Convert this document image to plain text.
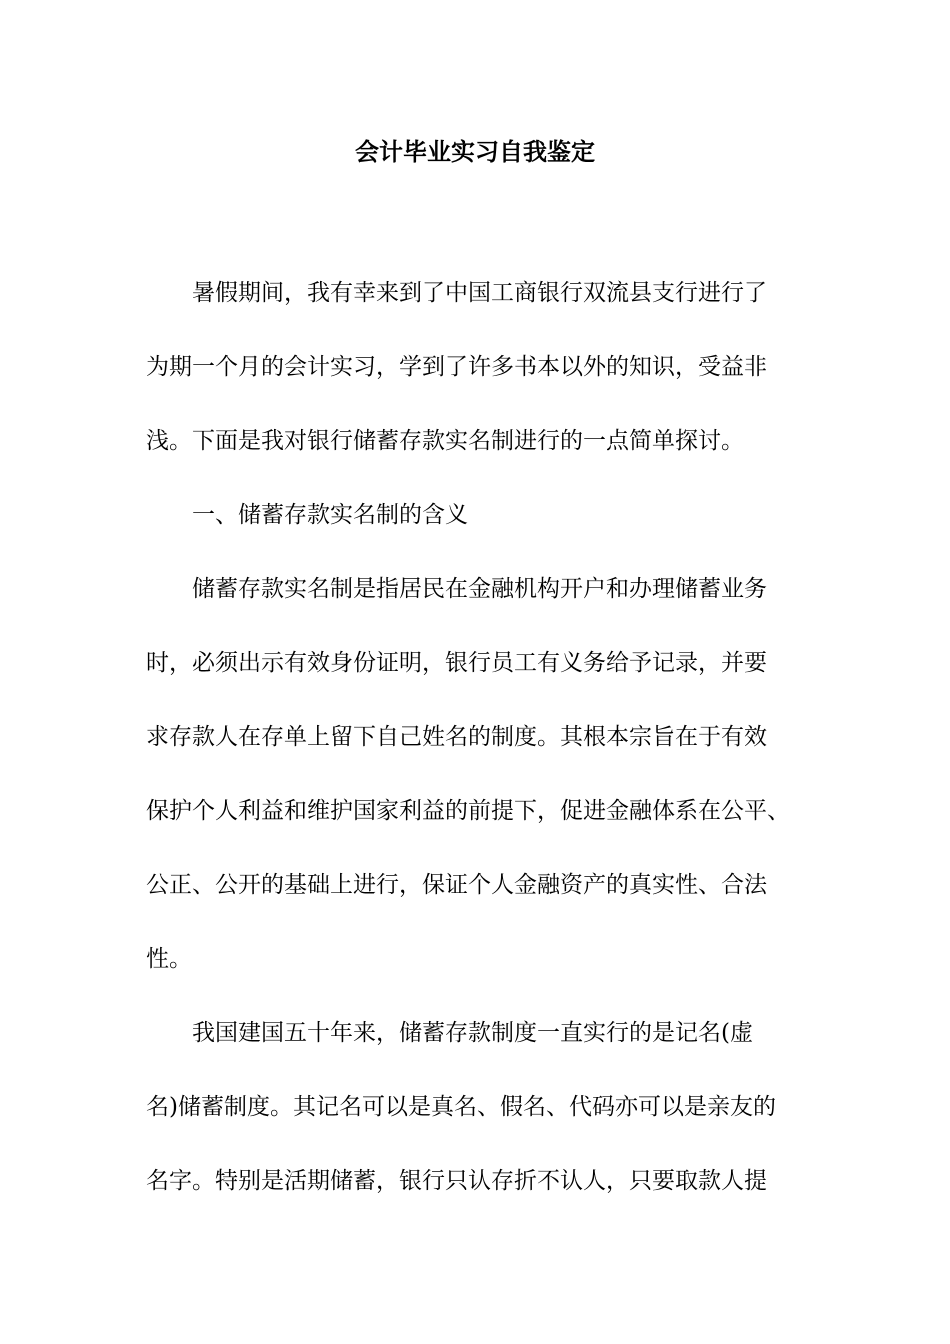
会计毕业实习自我鉴定
暑假期间，我有幸来到了中国工商银行双流县支行进行了
为期一个月的会计实习，学到了许多书本以外的知识，受益非
浅。下面是我对银行储蓄存款实名制进行的一点简单探讨。
一、储蓄存款实名制的含义
储蓄存款实名制是指居民在金融机构开户和办理储蓄业务
时，必须出示有效身份证明，银行员工有义务给予记录，并要
求存款人在存单上留下自己姓名的制度。其根本宗旨在于有效
保护个人利益和维护国家利益的前提下，促进金融体系在公平、
公正、公开的基础上进行，保证个人金融资产的真实性、合法
性。
我国建国五十年来，储蓄存款制度一直实行的是记名(虚
名)储蓄制度。其记名可以是真名、假名、代码亦可以是亲友的
名字。特别是活期储蓄，银行只认存折不认人，只要取款人提
